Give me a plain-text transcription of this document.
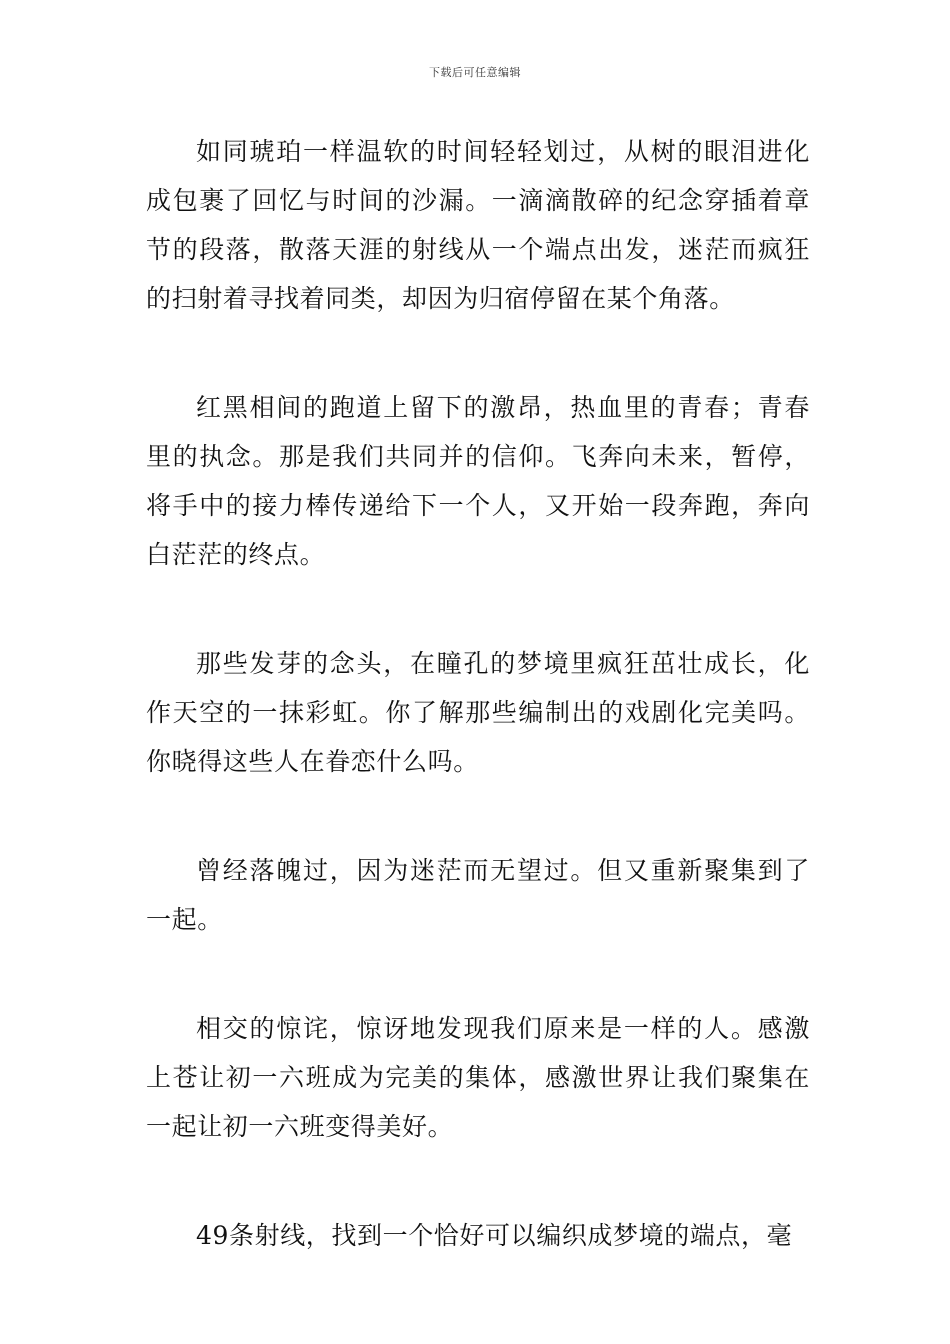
下载后可任意编辑

如同琥珀一样温软的时间轻轻划过，从树的眼泪进化成包裹了回忆与时间的沙漏。一滴滴散碎的纪念穿插着章节的段落，散落天涯的射线从一个端点出发，迷茫而疯狂的扫射着寻找着同类，却因为归宿停留在某个角落。

红黑相间的跑道上留下的激昂，热血里的青春；青春里的执念。那是我们共同并的信仰。飞奔向未来，暂停，将手中的接力棒传递给下一个人，又开始一段奔跑，奔向白茫茫的终点。

那些发芽的念头，在瞳孔的梦境里疯狂茁壮成长，化作天空的一抹彩虹。你了解那些编制出的戏剧化完美吗。你晓得这些人在眷恋什么吗。

曾经落魄过，因为迷茫而无望过。但又重新聚集到了一起。

相交的惊诧，惊讶地发现我们原来是一样的人。感激上苍让初一六班成为完美的集体，感激世界让我们聚集在一起让初一六班变得美好。

49条射线，找到一个恰好可以编织成梦境的端点，毫
